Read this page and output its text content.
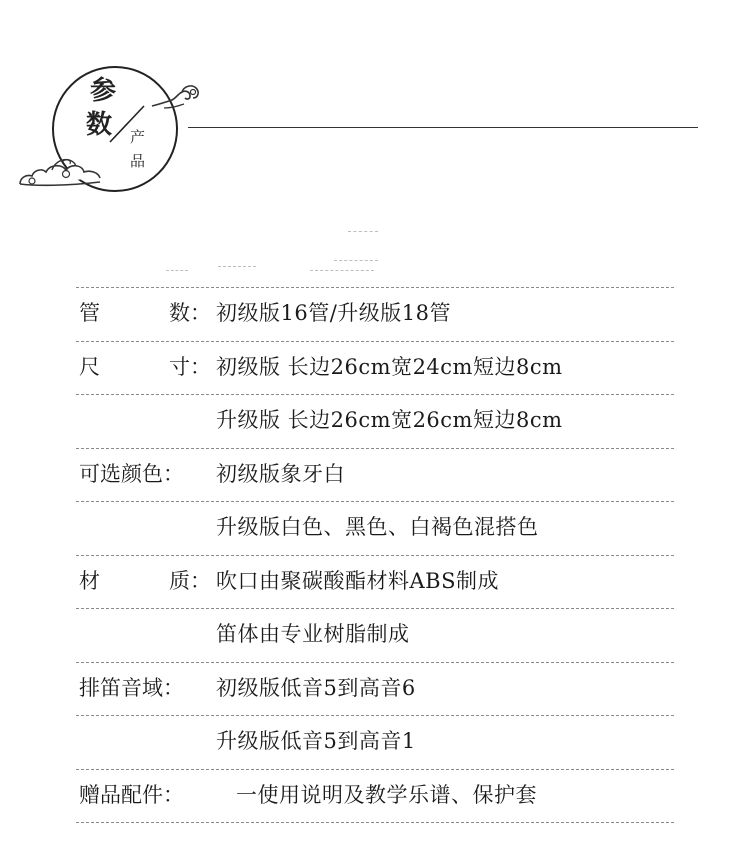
参
数 产
品
管	数： 初级版16管/升级版18管
尺	寸： 初级版 长边26cm宽24cm短边8cm
升级版 长边26cm宽26cm短边8cm
可选颜色： 初级版象牙白
升级版白色、黑色、白褐色混搭色
材	质： 吹口由聚碳酸酯材料ABS制成
笛体由专业树脂制成
排笛音域： 初级版低音5到高音6
升级版低音5到高音1
赠品配件： 一使用说明及教学乐谱、保护套
